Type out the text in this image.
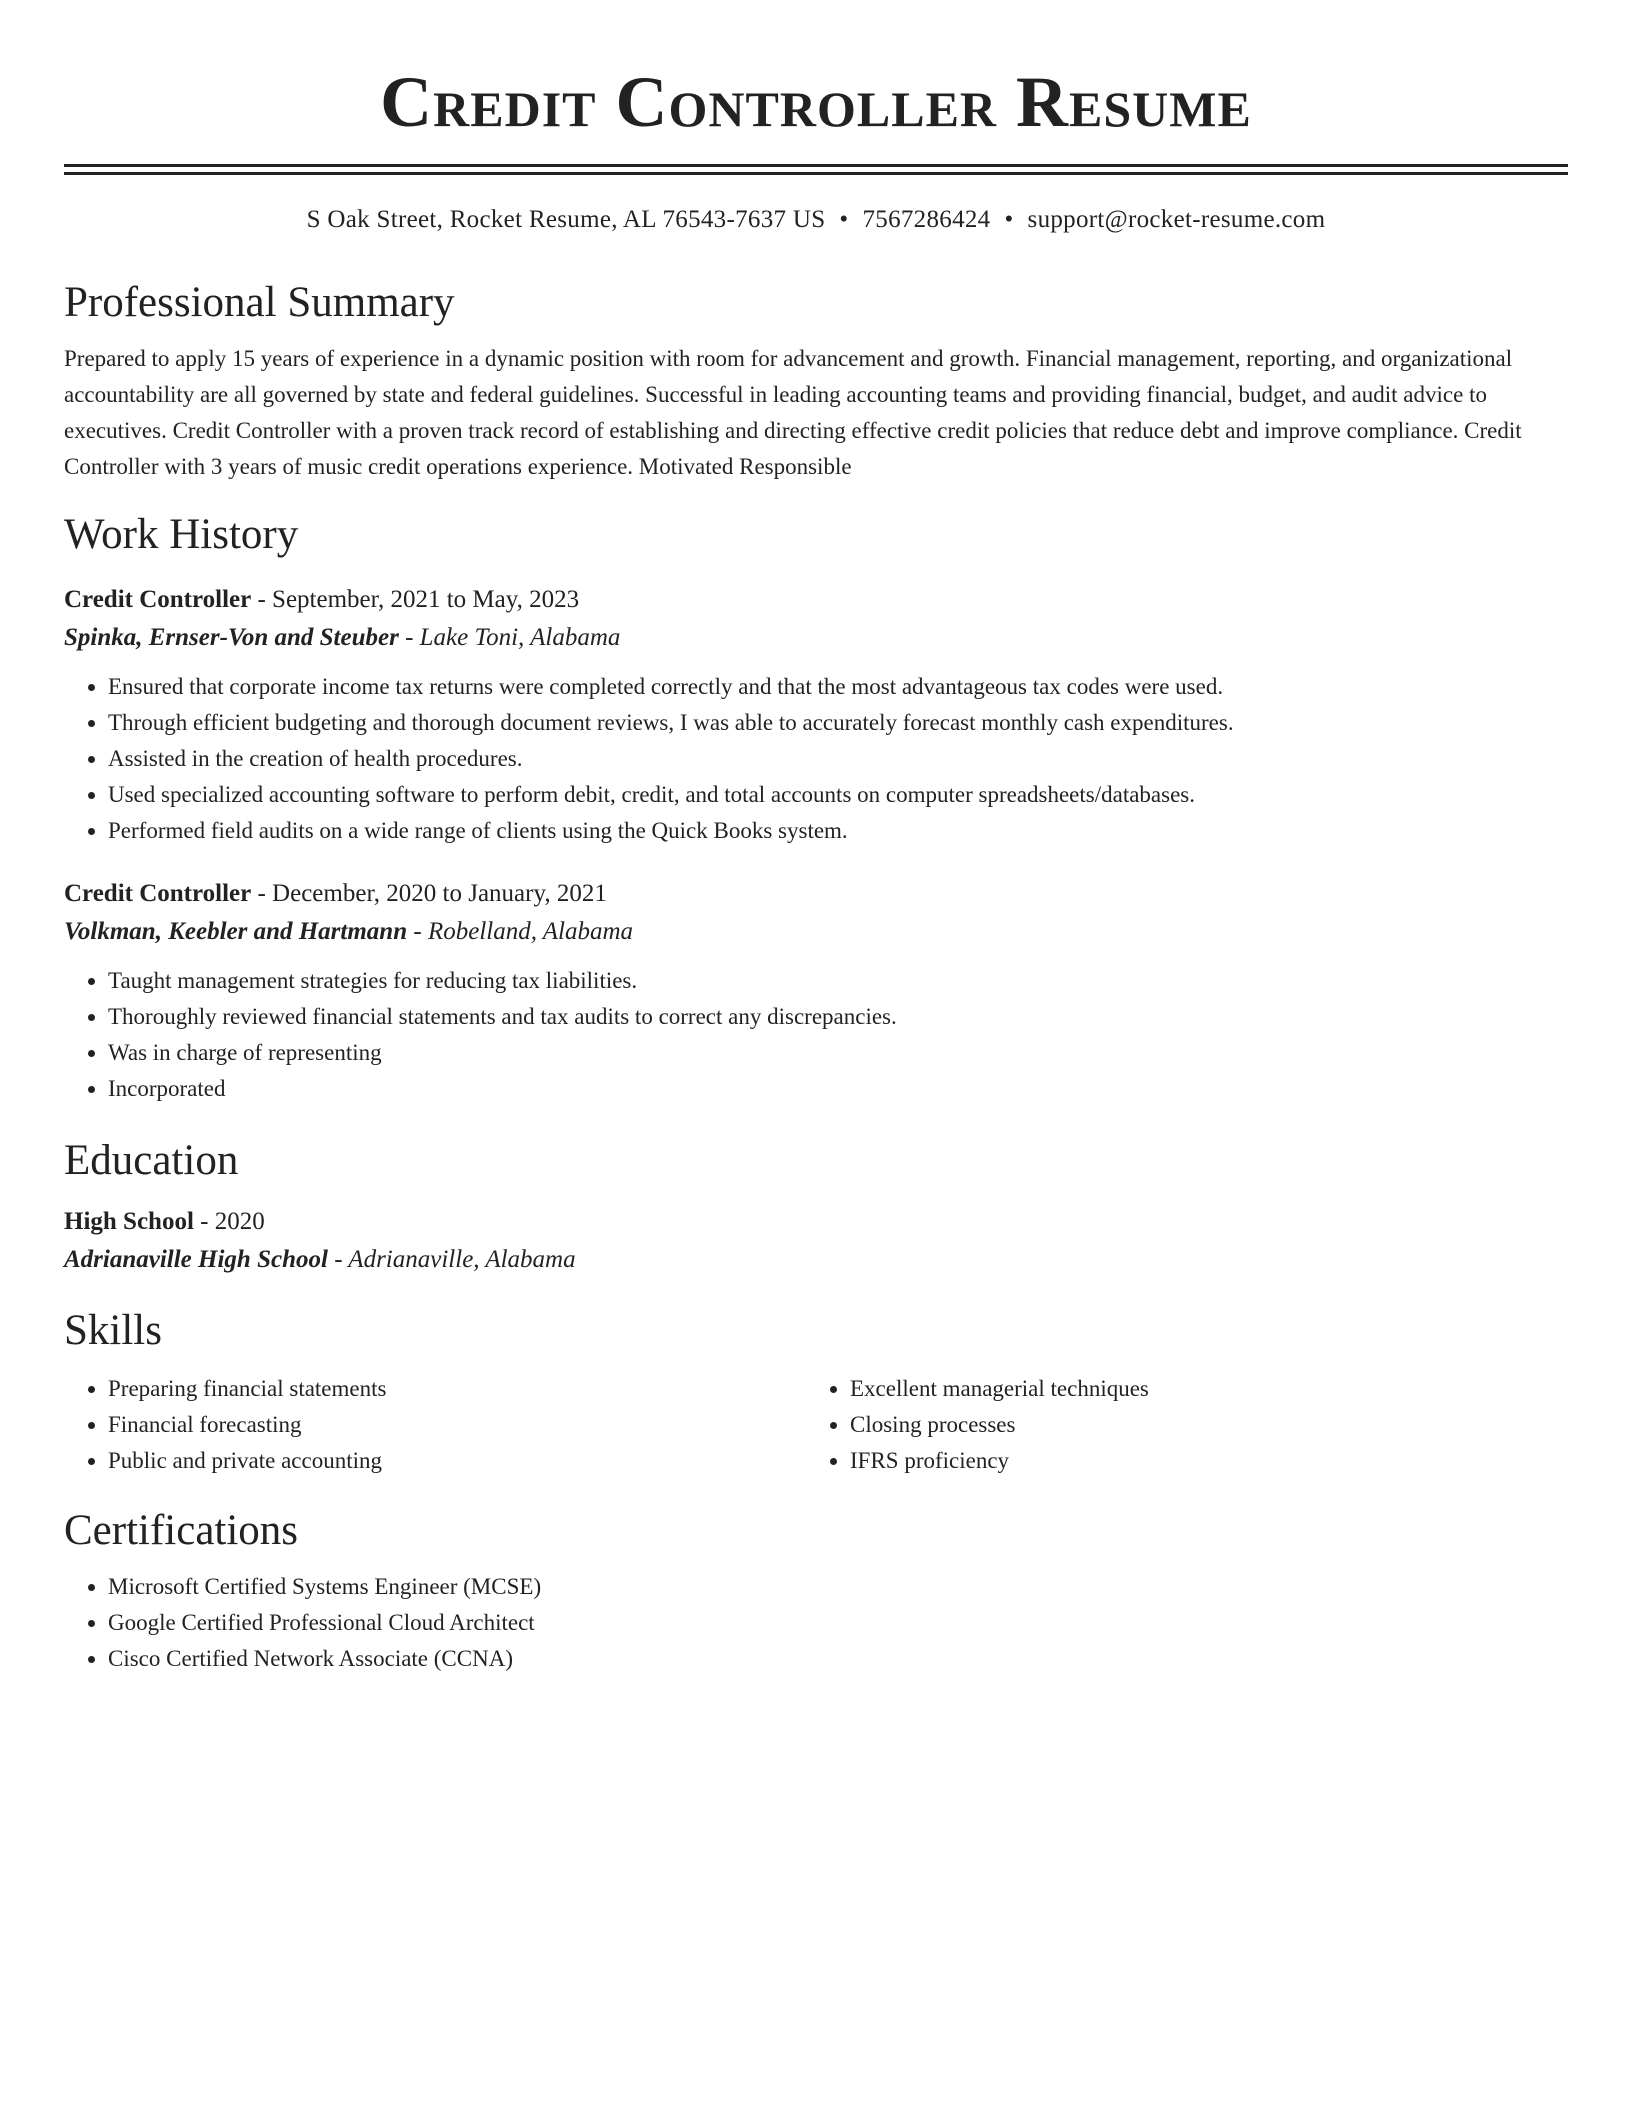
Credit Controller Resume
S Oak Street, Rocket Resume, AL 76543-7637 US • 7567286424 • support@rocket-resume.com
Professional Summary

Prepared to apply 15 years of experience in a dynamic position with room for advancement and growth. Financial management, reporting, and organizational accountability are all governed by state and federal guidelines. Successful in leading accounting teams and providing financial, budget, and audit advice to executives. Credit Controller with a proven track record of establishing and directing effective credit policies that reduce debt and improve compliance. Credit Controller with 3 years of music credit operations experience. Motivated Responsible

Work History
Credit Controller - September, 2021 to May, 2023
Spinka, Ernser-Von and Steuber - Lake Toni, Alabama
• Ensured that corporate income tax returns were completed correctly and that the most advantageous tax codes were used.
• Through efficient budgeting and thorough document reviews, I was able to accurately forecast monthly cash expenditures.
• Assisted in the creation of health procedures.
• Used specialized accounting software to perform debit, credit, and total accounts on computer spreadsheets/databases.
• Performed field audits on a wide range of clients using the Quick Books system.
Credit Controller - December, 2020 to January, 2021
Volkman, Keebler and Hartmann - Robelland, Alabama
• Taught management strategies for reducing tax liabilities.
• Thoroughly reviewed financial statements and tax audits to correct any discrepancies.
• Was in charge of representing
• Incorporated
Education
High School - 2020
Adrianaville High School - Adrianaville, Alabama
Skills
• Preparing financial statements
• Financial forecasting
• Public and private accounting
• Excellent managerial techniques
• Closing processes
• IFRS proficiency
Certifications
• Microsoft Certified Systems Engineer (MCSE)
• Google Certified Professional Cloud Architect
• Cisco Certified Network Associate (CCNA)
